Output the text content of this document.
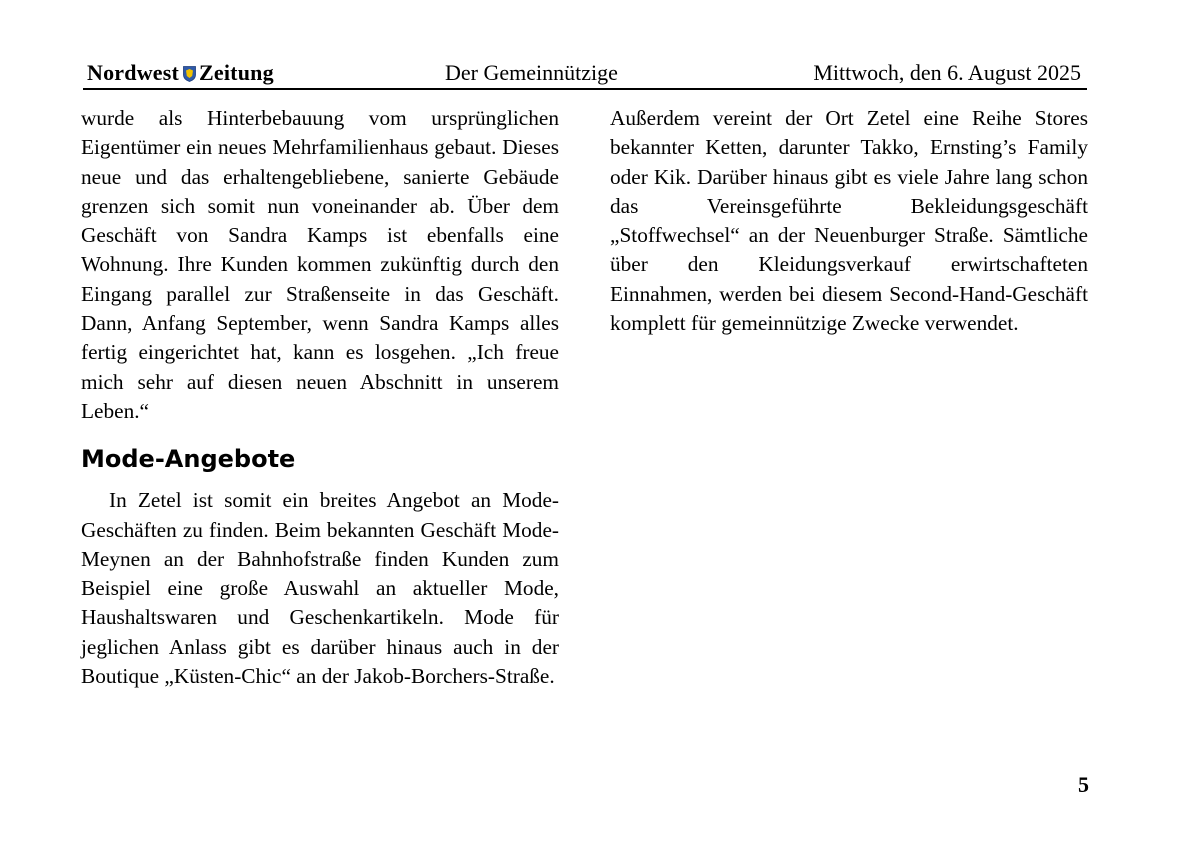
Nordwest Zeitung	Der Gemeinnützige	Mittwoch, den 6. August 2025

wurde als Hinterbebauung vom ursprünglichen Eigentümer ein neues Mehrfamilienhaus gebaut. Dieses neue und das erhaltengebliebene, sanierte Gebäude grenzen sich somit nun voneinander ab. Über dem Geschäft von Sandra Kamps ist ebenfalls eine Wohnung. Ihre Kunden kommen zukünftig durch den Eingang parallel zur Straßenseite in das Geschäft. Dann, Anfang September, wenn Sandra Kamps alles fertig eingerichtet hat, kann es losgehen. „Ich freue mich sehr auf diesen neuen Abschnitt in unserem Leben.“

Mode-Angebote

In Zetel ist somit ein breites Angebot an Mode-Geschäften zu finden. Beim bekannten Geschäft Mode-Meynen an der Bahnhofstraße finden Kunden zum Beispiel eine große Auswahl an aktueller Mode, Haushaltswaren und Geschenkartikeln. Mode für jeglichen Anlass gibt es darüber hinaus auch in der Boutique „Küsten-Chic“ an der Jakob-Borchers-Straße.

Außerdem vereint der Ort Zetel eine Reihe Stores bekannter Ketten, darunter Takko, Ernsting’s Family oder Kik. Darüber hinaus gibt es viele Jahre lang schon das Vereinsgeführte Bekleidungsgeschäft „Stoffwechsel“ an der Neuenburger Straße. Sämtliche über den Kleidungsverkauf erwirtschafteten Einnahmen, werden bei diesem Second-Hand-Geschäft komplett für gemeinnützige Zwecke verwendet.

5
